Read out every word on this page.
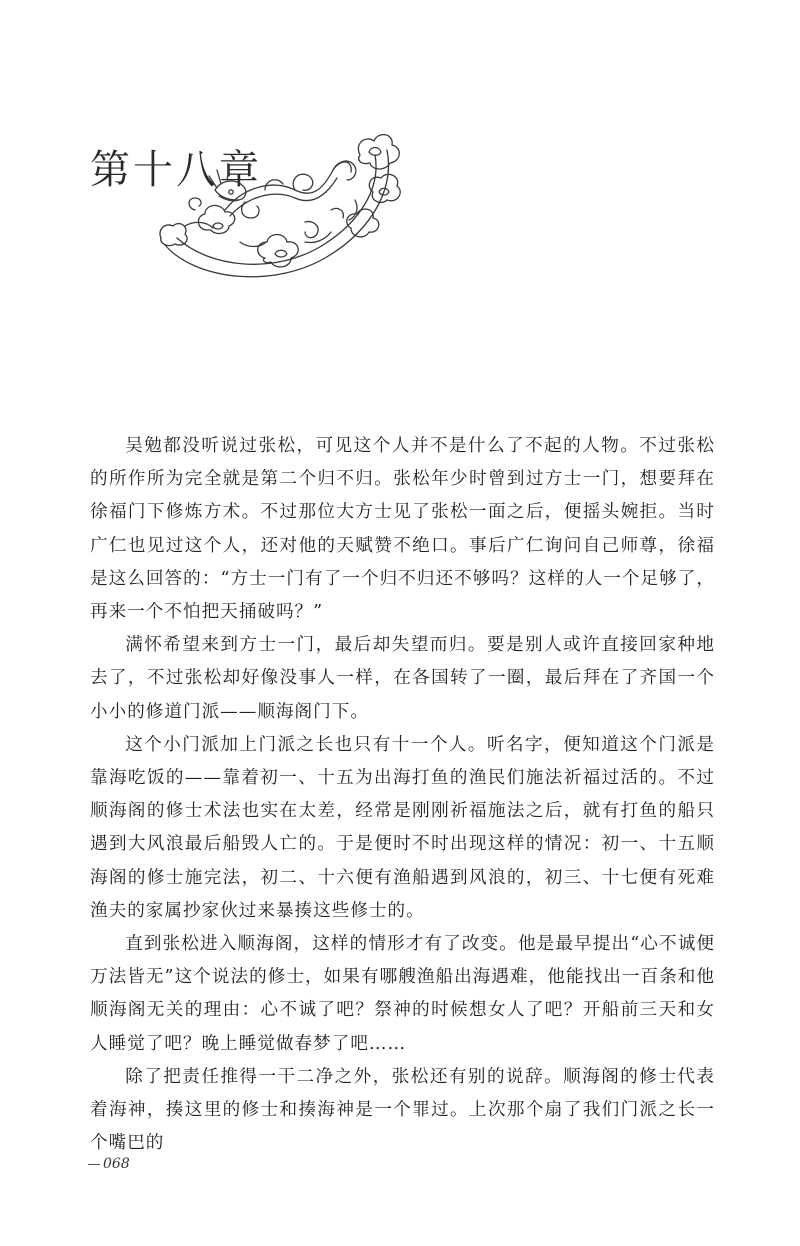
第十八章

吴勉都没听说过张松，可见这个人并不是什么了不起的人物。不过张松的所作所为完全就是第二个归不归。张松年少时曾到过方士一门，想要拜在徐福门下修炼方术。不过那位大方士见了张松一面之后，便摇头婉拒。当时广仁也见过这个人，还对他的天赋赞不绝口。事后广仁询问自己师尊，徐福是这么回答的：“方士一门有了一个归不归还不够吗？这样的人一个足够了，再来一个不怕把天捅破吗？”

满怀希望来到方士一门，最后却失望而归。要是别人或许直接回家种地去了，不过张松却好像没事人一样，在各国转了一圈，最后拜在了齐国一个小小的修道门派——顺海阁门下。

这个小门派加上门派之长也只有十一个人。听名字，便知道这个门派是靠海吃饭的——靠着初一、十五为出海打鱼的渔民们施法祈福过活的。不过顺海阁的修士术法也实在太差，经常是刚刚祈福施法之后，就有打鱼的船只遇到大风浪最后船毁人亡的。于是便时不时出现这样的情况：初一、十五顺海阁的修士施完法，初二、十六便有渔船遇到风浪的，初三、十七便有死难渔夫的家属抄家伙过来暴揍这些修士的。

直到张松进入顺海阁，这样的情形才有了改变。他是最早提出“心不诚便万法皆无”这个说法的修士，如果有哪艘渔船出海遇难，他能找出一百条和他顺海阁无关的理由：心不诚了吧？祭神的时候想女人了吧？开船前三天和女人睡觉了吧？晚上睡觉做春梦了吧……

除了把责任推得一干二净之外，张松还有别的说辞。顺海阁的修士代表着海神，揍这里的修士和揍海神是一个罪过。上次那个扇了我们门派之长一个嘴巴的

068
